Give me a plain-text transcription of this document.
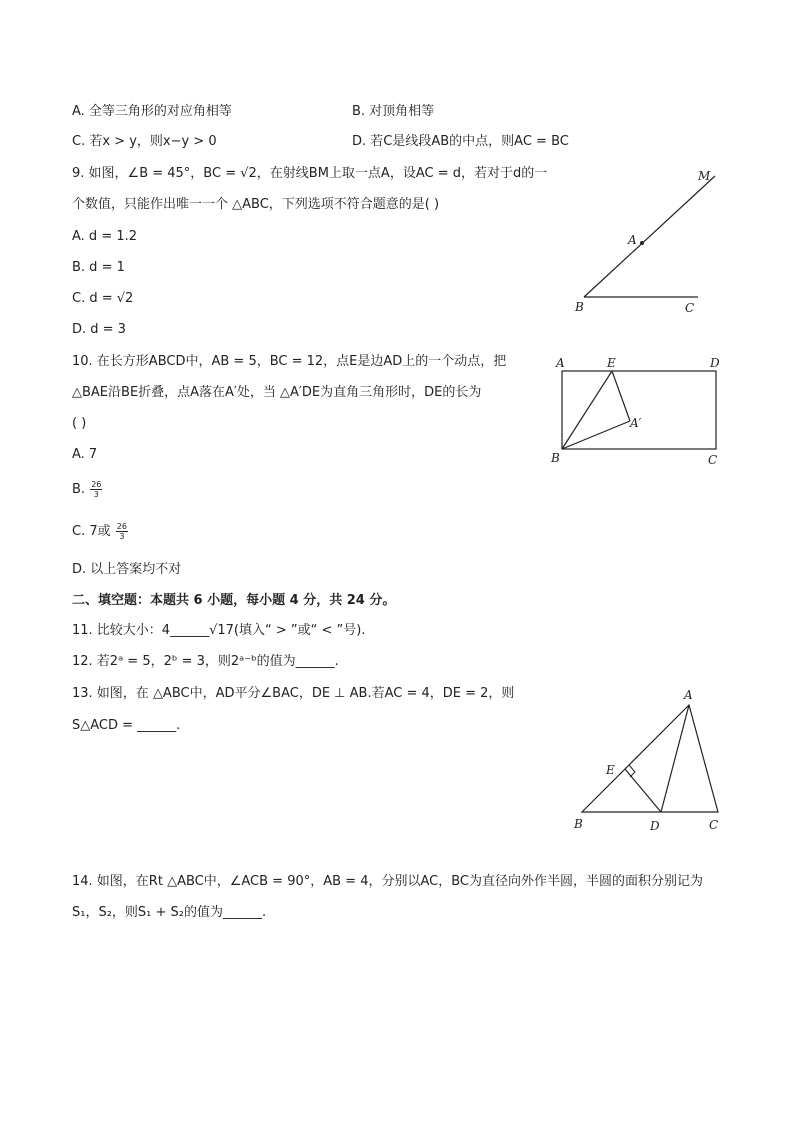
A. 全等三角形的对应角相等	B. 对顶角相等
C. 若x > y，则x−y > 0	D. 若C是线段AB的中点，则AC = BC
9. 如图，∠B = 45°，BC = √2，在射线BM上取一点A，设AC = d，若对于d的一
个数值，只能作出唯一一个 △ABC，下列选项不符合题意的是( )
A. d = 1.2
B. d = 1
C. d = √2
D. d = 3
M
A
B	C
10. 在长方形ABCD中，AB = 5，BC = 12，点E是边AD上的一个动点，把
△BAE沿BE折叠，点A落在A′处，当 △A′DE为直角三角形时，DE的长为
( )
A. 7
B. $\frac{26}{3}$
C. 7或 $\frac{26}{3}$
D. 以上答案均不对
A	E	D
A′
B	C
二、填空题：本题共 6 小题，每小题 4 分，共 24 分。
11. 比较大小：4______√17(填入“ > ”或“ < ”号).
12. 若2ᵃ = 5，2ᵇ = 3，则2ᵃ⁻ᵇ的值为______.
13. 如图，在 △ABC中，AD平分∠BAC，DE ⊥ AB.若AC = 4，DE = 2，则
S△ACD = ______.
A
E
B	D	C
14. 如图，在Rt △ABC中，∠ACB = 90°，AB = 4，分别以AC，BC为直径向外作半圆，半圆的面积分别记为
S₁，S₂，则S₁ + S₂的值为______.
